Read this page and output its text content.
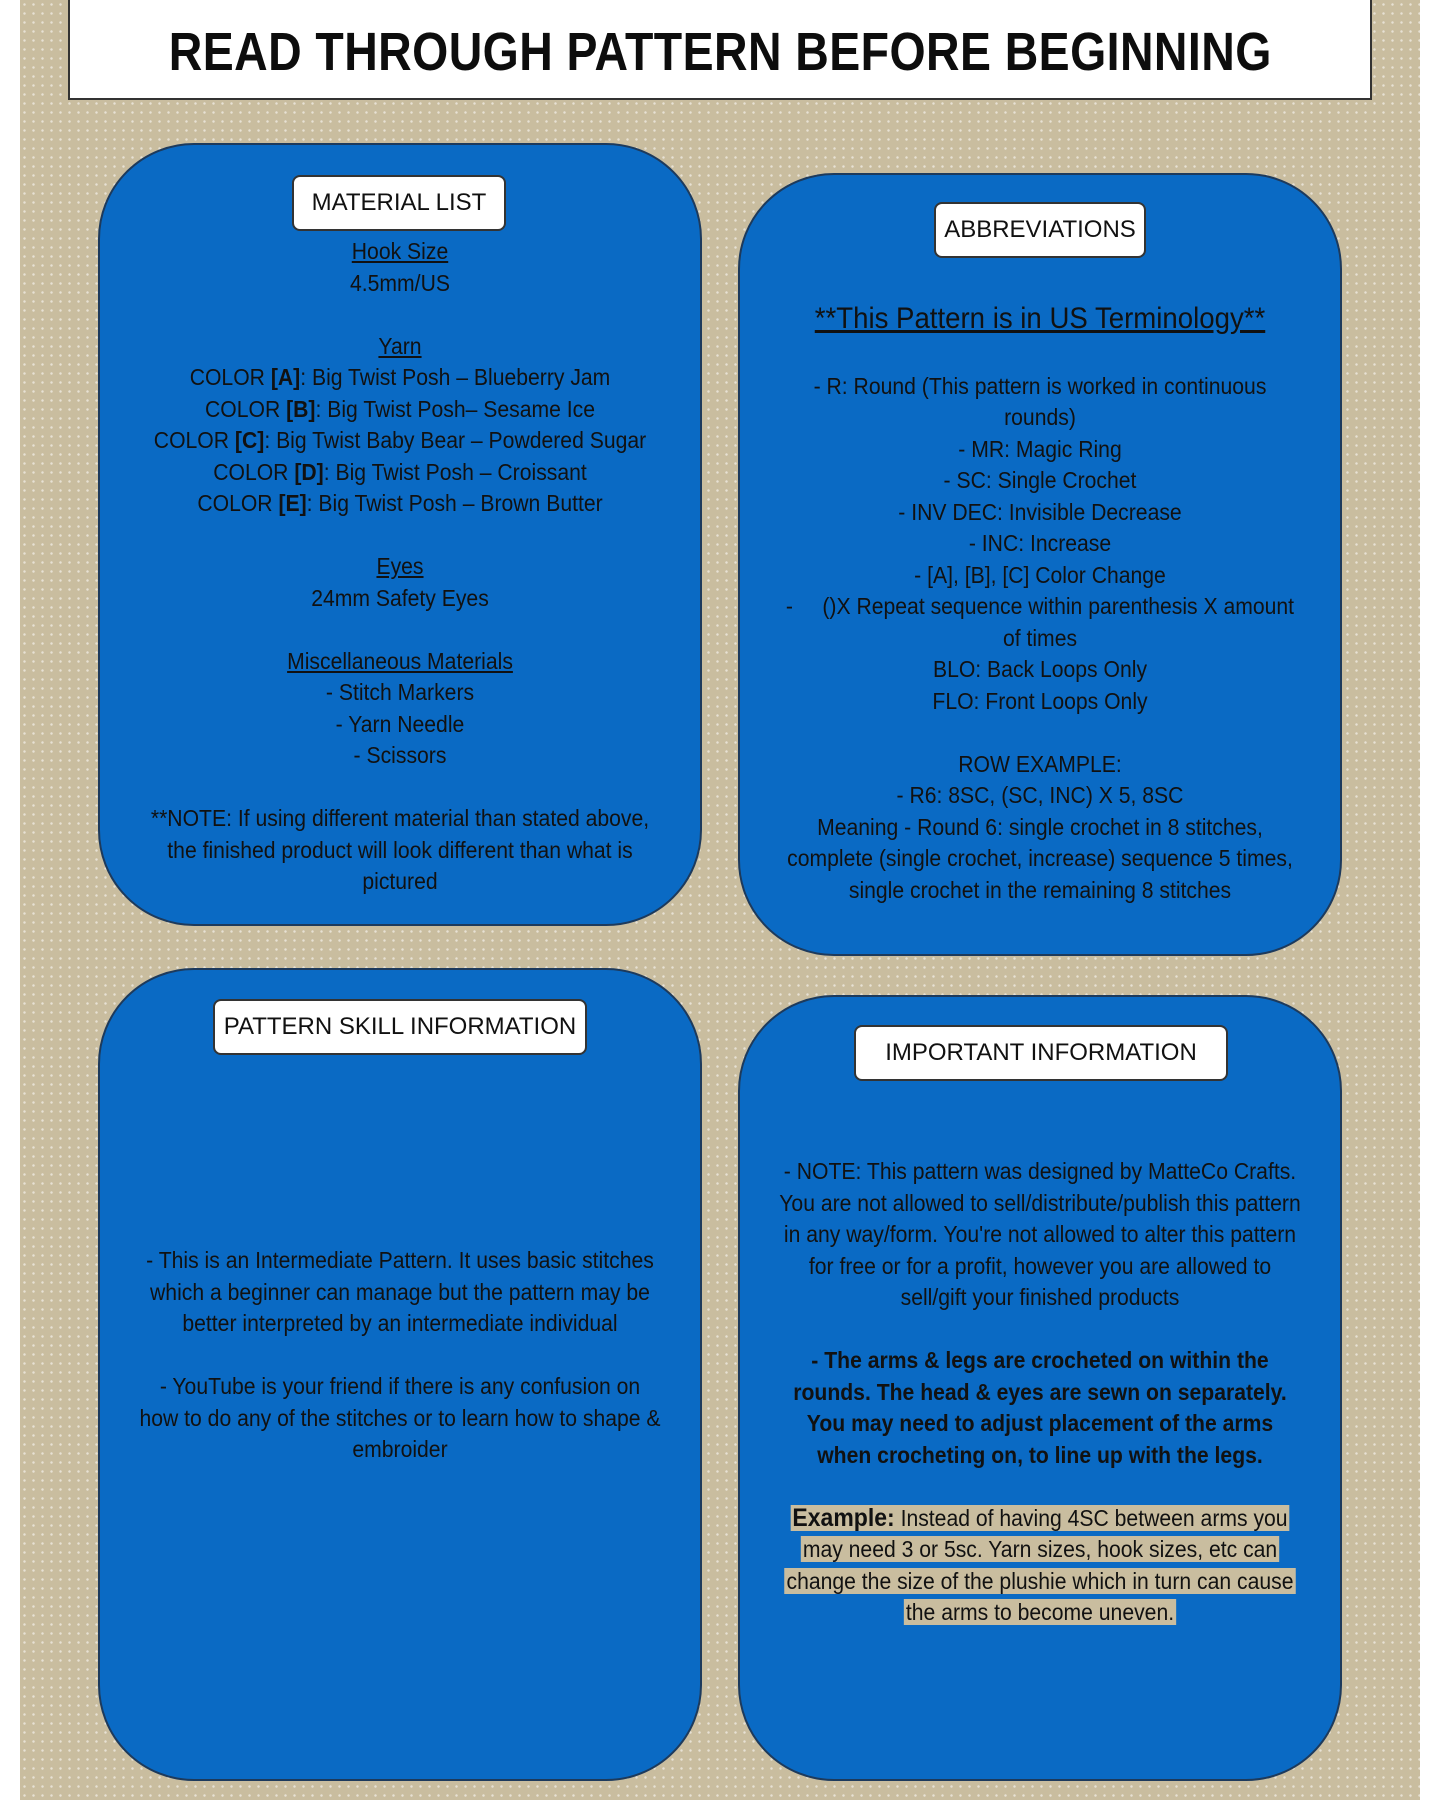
READ THROUGH PATTERN BEFORE BEGINNING
MATERIAL LIST

Hook Size

4.5mm/US

Yarn

COLOR [A]: Big Twist Posh – Blueberry Jam

COLOR [B]: Big Twist Posh– Sesame Ice

COLOR [C]: Big Twist Baby Bear – Powdered Sugar

COLOR [D]: Big Twist Posh – Croissant

COLOR [E]: Big Twist Posh – Brown Butter

Eyes

24mm Safety Eyes

Miscellaneous Materials

- Stitch Markers

- Yarn Needle

- Scissors

**NOTE: If using different material than stated above,

the finished product will look different than what is

pictured

ABBREVIATIONS

**This Pattern is in US Terminology**

- R: Round (This pattern is worked in continuous

rounds)

- MR: Magic Ring

- SC: Single Crochet

- INV DEC: Invisible Decrease

- INC: Increase

- [A], [B], [C] Color Change

-     ()X Repeat sequence within parenthesis X amount

of times

BLO: Back Loops Only

FLO: Front Loops Only

ROW EXAMPLE:

- R6: 8SC, (SC, INC) X 5, 8SC

Meaning - Round 6: single crochet in 8 stitches,

complete (single crochet, increase) sequence 5 times,

single crochet in the remaining 8 stitches

PATTERN SKILL INFORMATION

- This is an Intermediate Pattern. It uses basic stitches

which a beginner can manage but the pattern may be

better interpreted by an intermediate individual

- YouTube is your friend if there is any confusion on

how to do any of the stitches or to learn how to shape &

embroider

IMPORTANT INFORMATION

- NOTE: This pattern was designed by MatteCo Crafts.

You are not allowed to sell/distribute/publish this pattern

in any way/form. You're not allowed to alter this pattern

for free or for a profit, however you are allowed to

sell/gift your finished products

- The arms & legs are crocheted on within the

rounds. The head & eyes are sewn on separately.

You may need to adjust placement of the arms

when crocheting on, to line up with the legs.

Example: Instead of having 4SC between arms you

may need 3 or 5sc. Yarn sizes, hook sizes, etc can

change the size of the plushie which in turn can cause

the arms to become uneven.
